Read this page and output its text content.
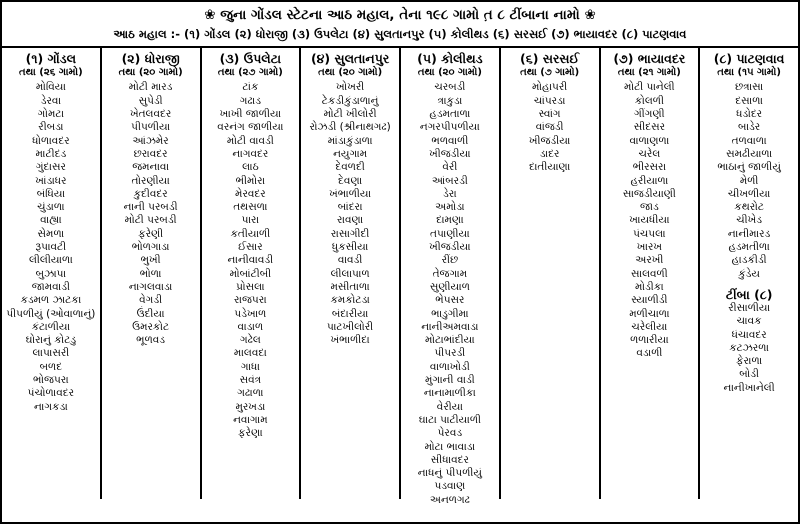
❀ જુના ગોંડલ સ્ટેટના આઠ મહાલ, તેના ૧૯૮ ગામો ત઼ ૮ ટીંબાના નામો ❀
આઠ મહાલ :- (૧) ગોંડલ (૨) ધોરાજી (૩) ઉપલેટા (૪) સુલતાનપુર (૫) કોલીથડ (૬) સરસઈ (૭) ભાયાવદર (૮) પાટણવાવ
(૧) ગોંડલ
તથા (૨૬ ગામો)
મોવિયા
ડેરવા
ગોમટા
રીબડા
ધોળાવદર
માટીદડ
ગુંદાસર
ખાંડાધર
બંધિયા
ચુંડાળા
વાહ્યા
સેમળા
રૂપાવટી
લીલીયાળા
બુઝાપા
જામવાડી
કડમળ ઝાટકા
પીપળીયું (ઓવાળાનું)
કંટાળીયા
ઘોરાનું કોટડુ
લાપાસરી
બળદ
ભોજપરા
પંચોળાવદર
નાગકડા
(૨) ધોરાજી
તથા (૨૦ ગામો)
મોટી મારડ
સુપેડી
ખેતલવદર
પીપળીયા
આંઝમેર
છરાવદર
જમનાવા
તોરણીયા
કુદીવદર
નાની પરબડી
મોટી પરબડી
ફરેણી
ભોળગાડા
ભુખી
ભોળા
નાગલવાડા
વેગડી
ઉંદીયા
ઉમરકોટ
ભૂળવડ
(૩) ઉપલેટા
તથા (૨૭ ગામો)
ટાંક
ગઢાડ
ખાખી જાળીયા
વરનંગ જાળીયા
મોટી વાવડી
નાગવદર
લાઠ
ભીમોરા
મેરવદર
તથસળા
પારા
કતીયાળી
ઈસાર
નાનીવાવડી
મોબાંટીબી
પ્રોસલા
રાજપરા
પડેખાળ
વાડાળ
ગઢેલ
માલવદા
ગાધા
સવંત્ર
ગઢાળા
મુરખડા
નવાગામ
ફરેણા
(૪) સુલતાનપુર
તથા (૨૦ ગામો)
ખોખરી
ટેકડીકુંડાળાનું
મોટી ખીલોરી
રોઝડી (શ્રીનાથગઢ)
માંડાકુંડાળા
નયુગામ
દેવળદી
દેવણા
ખંભાળીયા
બાંદરા
રાવણા
રાસાગીદી
ધુકસીયા
વાવડી
લીલાપાળ
મસીતાળા
કમકોટડા
બંદારીયા
પાટખીલોરી
ખંભાળીદા
(૫) કોલીથડ
તથા (૨૦ ગામો)
ચરબડી
ત્રાકુડા
હડમતાળા
નગરપીપળીયા
ભળવાળી
ખીજડીયા
વેરી
આંબરડી
ડેરા
અમોડા
દામણા
તપાણીયા
ખીજડીયા
રીંછ
તેજગામ
સુણીયાળ
ભેપસર
ભાડુગીમા
નાનીઅમવાડા
મોટાભાંદીયા
પીપરડી
વાળાખોડી
મુંગાની વાડી
નાનામાળીકા
વેરીયા
ઘાટા પાટીયાળી
પેરવડ
મોટા ભાવાડા
સીધાવદર
નાધનું પીપળીયું
પડવાણ
અનળગઢ
(૬) સરસઈ
તથા (૭ ગામો)
મોહાપરી
ચાંપરડા
સ્વાંગ
વાંજડી
ખીજડીયા
ડાદર
દાતીયાણા
(૭) ભાયાવદર
તથા (૨૧ ગામો)
મોટી પાનેલી
કોલળી
ગીંગણી
સીદસર
વાળાણળા
ચરેલ
ભીરસરા
હરીયાળા
સાજડીયાણી
જાડ
ખાયધીયા
પંચપલા
ખારખ
અરખી
સાલવળી
મોડીકા
સ્યાળીડી
મળીચાળા
ચરેલીયા
ળળારીયા
વડાળી
(૮) પાટણવાવ
તથા (૧૫ ગામો)
છત્રાસા
દસાળા
ધડોદર
બાડેર
તળવાળા
સમઢીયાળા
ભાઠાનું જાળીયું
મેળી
ચીખળીયા
કથરોટ
ચીખેડ
નાનીમારડ
હડમતીળા
હાડકીડી
કુંડેય
ટીંબા (૮)
રીસાળીયા
ચાવક
ધંચાવદર
કટઝરળા
ફેરાળા
બોડી
નાનીખાનેલી
